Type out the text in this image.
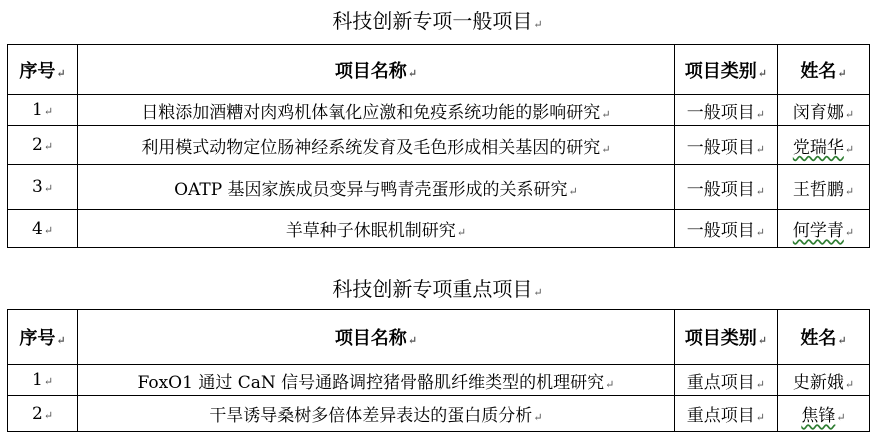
科技创新专项一般项目↵
序号↵	项目名称↵	项目类别↵	姓名↵
1↵	日粮添加酒糟对肉鸡机体氧化应激和免疫系统功能的影响研究↵	一般项目↵	闵育娜↵
2↵	利用模式动物定位肠神经系统发育及毛色形成相关基因的研究↵	一般项目↵	党瑞华↵
3↵	OATP 基因家族成员变异与鸭青壳蛋形成的关系研究↵	一般项目↵	王哲鹏↵
4↵	羊草种子休眠机制研究↵	一般项目↵	何学青↵
科技创新专项重点项目↵
序号↵	项目名称↵	项目类别↵	姓名↵
1↵	FoxO1 通过 CaN 信号通路调控猪骨骼肌纤维类型的机理研究↵	重点项目↵	史新娥↵
2↵	干旱诱导桑树多倍体差异表达的蛋白质分析↵	重点项目↵	焦锋↵
